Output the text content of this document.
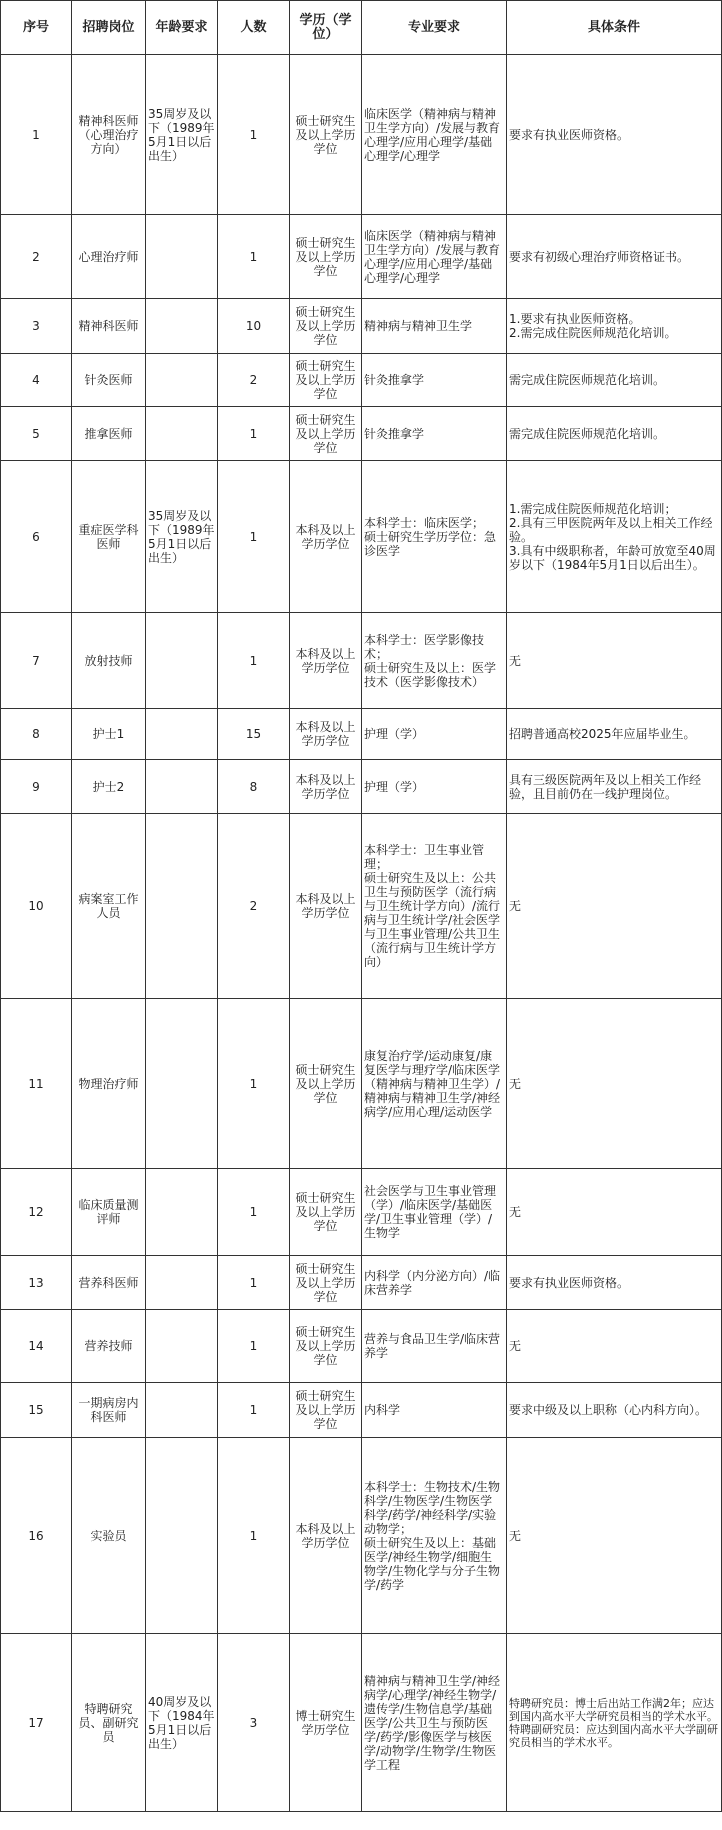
序号	招聘岗位	年龄要求	人数	学历（学位）	专业要求	具体条件
1	精神科医师（心理治疗方向）	35周岁及以下（1989年5月1日以后出生）	1	硕士研究生及以上学历学位	临床医学（精神病与精神卫生学方向）/发展与教育心理学/应用心理学/基础心理学/心理学	要求有执业医师资格。
2	心理治疗师		1	硕士研究生及以上学历学位	临床医学（精神病与精神卫生学方向）/发展与教育心理学/应用心理学/基础心理学/心理学	要求有初级心理治疗师资格证书。
3	精神科医师		10	硕士研究生及以上学历学位	精神病与精神卫生学	1.要求有执业医师资格。
2.需完成住院医师规范化培训。
4	针灸医师		2	硕士研究生及以上学历学位	针灸推拿学	需完成住院医师规范化培训。
5	推拿医师		1	硕士研究生及以上学历学位	针灸推拿学	需完成住院医师规范化培训。
6	重症医学科医师	35周岁及以下（1989年5月1日以后出生）	1	本科及以上学历学位	本科学士：临床医学；
硕士研究生学历学位：急诊医学	1.需完成住院医师规范化培训；
2.具有三甲医院两年及以上相关工作经验。
3.具有中级职称者，年龄可放宽至40周岁以下（1984年5月1日以后出生）。
7	放射技师		1	本科及以上学历学位	本科学士：医学影像技术；
硕士研究生及以上：医学技术（医学影像技术）	无
8	护士1		15	本科及以上学历学位	护理（学）	招聘普通高校2025年应届毕业生。
9	护士2		8	本科及以上学历学位	护理（学）	具有三级医院两年及以上相关工作经验，且目前仍在一线护理岗位。
10	病案室工作人员		2	本科及以上学历学位	本科学士：卫生事业管理；
硕士研究生及以上：公共卫生与预防医学（流行病与卫生统计学方向）/流行病与卫生统计学/社会医学与卫生事业管理/公共卫生（流行病与卫生统计学方向）	无
11	物理治疗师		1	硕士研究生及以上学历学位	康复治疗学/运动康复/康复医学与理疗学/临床医学（精神病与精神卫生学）/精神病与精神卫生学/神经病学/应用心理/运动医学	无
12	临床质量测评师		1	硕士研究生及以上学历学位	社会医学与卫生事业管理（学）/临床医学/基础医学/卫生事业管理（学）/生物学	无
13	营养科医师		1	硕士研究生及以上学历学位	内科学（内分泌方向）/临床营养学	要求有执业医师资格。
14	营养技师		1	硕士研究生及以上学历学位	营养与食品卫生学/临床营养学	无
15	一期病房内科医师		1	硕士研究生及以上学历学位	内科学	要求中级及以上职称（心内科方向）。
16	实验员		1	本科及以上学历学位	本科学士：生物技术/生物科学/生物医学/生物医学科学/药学/神经科学/实验动物学；
硕士研究生及以上：基础医学/神经生物学/细胞生物学/生物化学与分子生物学/药学	无
17	特聘研究员、副研究员	40周岁及以下（1984年5月1日以后出生）	3	博士研究生学历学位	精神病与精神卫生学/神经病学/心理学/神经生物学/遗传学/生物信息学/基础医学/公共卫生与预防医学/药学/影像医学与核医学/动物学/生物学/生物医学工程	特聘研究员：博士后出站工作满2年；应达到国内高水平大学研究员相当的学术水平。
特聘副研究员：应达到国内高水平大学副研究员相当的学术水平。
